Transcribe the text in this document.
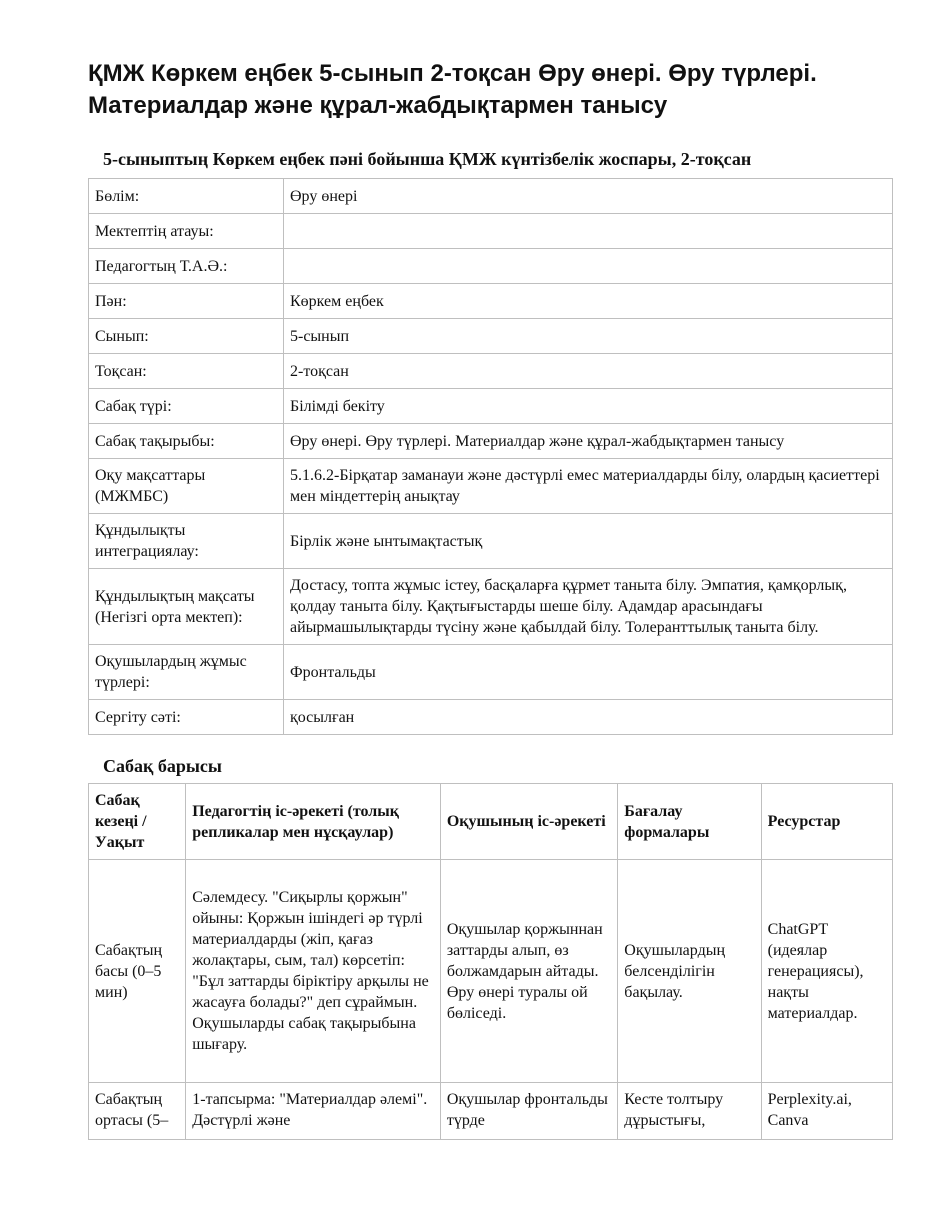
ҚМЖ Көркем еңбек 5-сынып 2-тоқсан Өру өнері. Өру түрлері. Материалдар және құрал-жабдықтармен танысу
5-сыныптың Көркем еңбек пәні бойынша ҚМЖ күнтізбелік жоспары, 2-тоқсан
Бөлім:	Өру өнері
Мектептің атауы:	
Педагогтың Т.А.Ә.:	
Пән:	Көркем еңбек
Сынып:	5-сынып
Тоқсан:	2-тоқсан
Сабақ түрі:	Білімді бекіту
Сабақ тақырыбы:	Өру өнері. Өру түрлері. Материалдар және құрал-жабдықтармен танысу
Оқу мақсаттары (МЖМБС)	5.1.6.2-Бірқатар заманауи және дәстүрлі емес материалдарды білу, олардың қасиеттері мен міндеттерің анықтау
Құндылықты интеграциялау:	Бірлік және ынтымақтастық
Құндылықтың мақсаты (Негізгі орта мектеп):	Достасу, топта жұмыс істеу, басқаларға құрмет таныта білу. Эмпатия, қамқорлық, қолдау таныта білу. Қақтығыстарды шеше білу. Адамдар арасындағы айырмашылықтарды түсіну және қабылдай білу. Толеранттылық таныта білу.
Оқушылардың жұмыс түрлері:	Фронтальды
Сергіту сәті:	қосылған
Сабақ барысы
Сабақ кезеңі / Уақыт	Педагогтің іс-әрекеті (толық репликалар мен нұсқаулар)	Оқушының іс-әрекеті	Бағалау формалары	Ресурстар
Сабақтың басы (0–5 мин)	Сәлемдесу. "Сиқырлы қоржын" ойыны: Қоржын ішіндегі әр түрлі материалдарды (жіп, қағаз жолақтары, сым, тал) көрсетіп: "Бұл заттарды біріктіру арқылы не жасауға болады?" деп сұраймын. Оқушыларды сабақ тақырыбына шығару.	Оқушылар қоржыннан заттарды алып, өз болжамдарын айтады. Өру өнері туралы ой бөліседі.	Оқушылардың белсенділігін бақылау.	ChatGPT (идеялар генерациясы), нақты материалдар.
Сабақтың ортасы (5–	1-тапсырма: "Материалдар әлемі". Дәстүрлі және	Оқушылар фронтальды түрде	Кесте толтыру дұрыстығы,	Perplexity.ai, Canva
